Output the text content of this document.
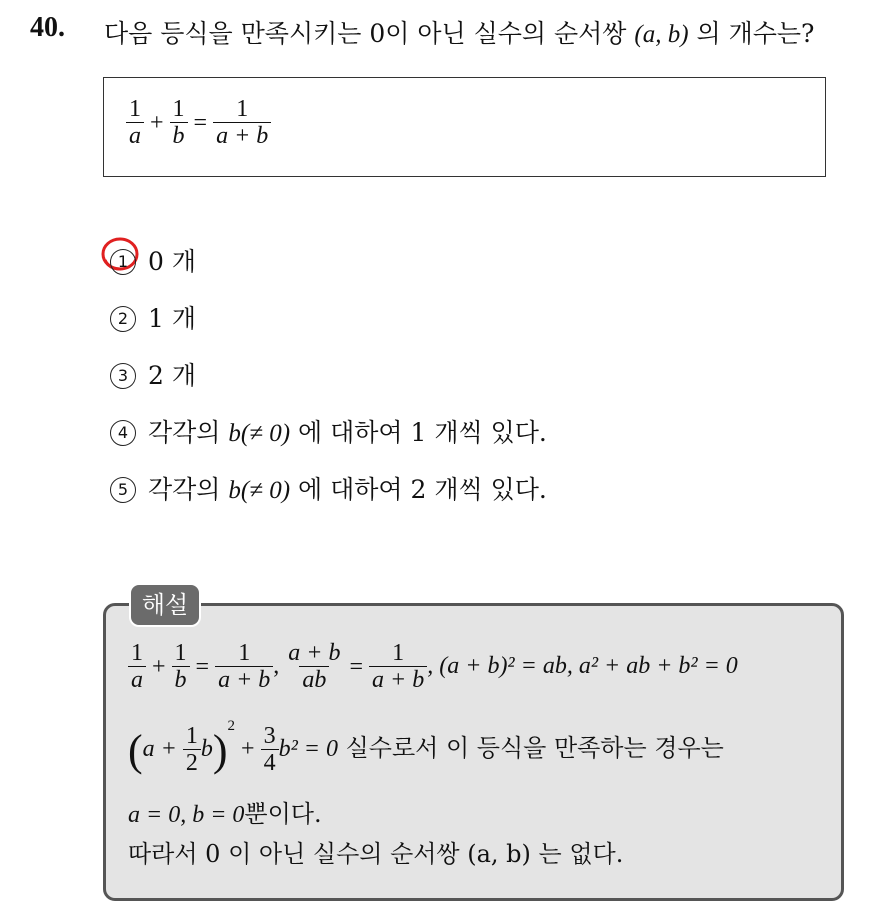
40. 다음 등식을 만족시키는 0이 아닌 실수의 순서쌍 (a, b) 의 개수는?
$\frac{1}{a} + \frac{1}{b} = \frac{1}{a + b}$
1 0 개
2 1 개
3 2 개
4 각각의 b(≠ 0) 에 대하여 1 개씩 있다.
5 각각의 b(≠ 0) 에 대하여 2 개씩 있다.
$\frac{1}{a} + \frac{1}{b} = \frac{1}{a + b}$ , $\frac{a + b}{ab} = \frac{1}{a + b}$ , (a + b)² = ab, a² + ab + b² = 0
$(a + \frac{1}{2} b)^2 + \frac{3}{4} b^2 = 0$ 실수로서 이 등식을 만족하는 경우는
a = 0, b = 0뿐이다.
따라서 0 이 아닌 실수의 순서쌍 (a, b) 는 없다.
해설
